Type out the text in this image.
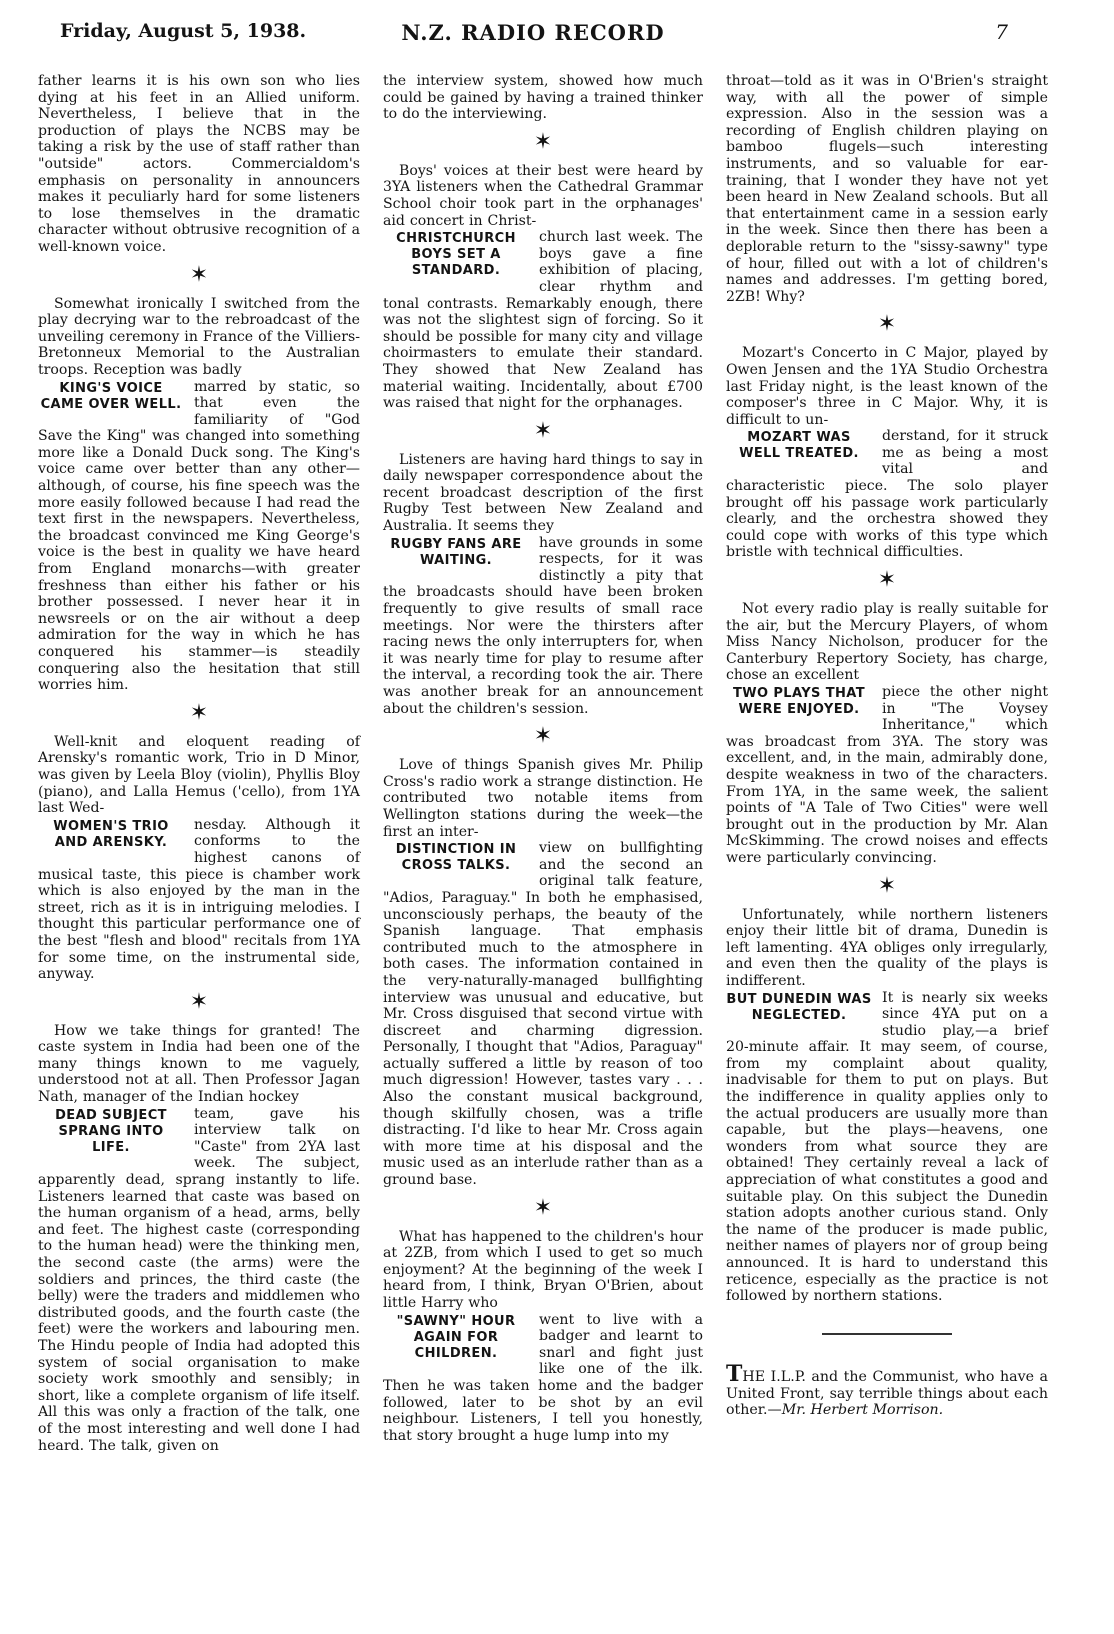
Friday, August 5, 1938.	N.Z. RADIO RECORD	7

father learns it is his own son who lies dying at his feet in an Allied uniform. Nevertheless, I believe that in the production of plays the NCBS may be taking a risk by the use of staff rather than "outside" actors. Commercialdom's emphasis on personality in announcers makes it peculiarly hard for some listeners to lose themselves in the dramatic character without obtrusive recognition of a well-known voice.

✶

Somewhat ironically I switched from the play decrying war to the rebroadcast of the unveiling ceremony in France of the Villiers-Bretonneux Memorial to the Australian troops. Reception was badly

KING'S VOICE CAME OVER WELL.

marred by static, so that even the familiarity of "God Save the King" was changed into something more like a Donald Duck song. The King's voice came over better than any other—although, of course, his fine speech was the more easily followed because I had read the text first in the newspapers. Nevertheless, the broadcast convinced me King George's voice is the best in quality we have heard from England monarchs—with greater freshness than either his father or his brother possessed. I never hear it in newsreels or on the air without a deep admiration for the way in which he has conquered his stammer—is steadily conquering also the hesitation that still worries him.

✶

Well-knit and eloquent reading of Arensky's romantic work, Trio in D Minor, was given by Leela Bloy (violin), Phyllis Bloy (piano), and Lalla Hemus ('cello), from 1YA last Wed-

WOMEN'S TRIO AND ARENSKY.

nesday. Although it conforms to the highest canons of musical taste, this piece is chamber work which is also enjoyed by the man in the street, rich as it is in intriguing melodies. I thought this particular performance one of the best "flesh and blood" recitals from 1YA for some time, on the instrumental side, anyway.

✶

How we take things for granted! The caste system in India had been one of the many things known to me vaguely, understood not at all. Then Professor Jagan Nath, manager of the Indian hockey

DEAD SUBJECT SPRANG INTO LIFE.

team, gave his interview talk on "Caste" from 2YA last week. The subject, apparently dead, sprang instantly to life. Listeners learned that caste was based on the human organism of a head, arms, belly and feet. The highest caste (corresponding to the human head) were the thinking men, the second caste (the arms) were the soldiers and princes, the third caste (the belly) were the traders and middlemen who distributed goods, and the fourth caste (the feet) were the workers and labouring men. The Hindu people of India had adopted this system of social organisation to make society work smoothly and sensibly; in short, like a complete organism of life itself. All this was only a fraction of the talk, one of the most interesting and well done I had heard. The talk, given on

the interview system, showed how much could be gained by having a trained thinker to do the interviewing.

✶

Boys' voices at their best were heard by 3YA listeners when the Cathedral Grammar School choir took part in the orphanages' aid concert in Christ-

CHRISTCHURCH BOYS SET A STANDARD.

church last week. The boys gave a fine exhibition of placing, clear rhythm and tonal contrasts. Remarkably enough, there was not the slightest sign of forcing. So it should be possible for many city and village choirmasters to emulate their standard. They showed that New Zealand has material waiting. Incidentally, about £700 was raised that night for the orphanages.

✶

Listeners are having hard things to say in daily newspaper correspondence about the recent broadcast description of the first Rugby Test between New Zealand and Australia. It seems they

RUGBY FANS ARE WAITING.

have grounds in some respects, for it was distinctly a pity that the broadcasts should have been broken frequently to give results of small race meetings. Nor were the thirsters after racing news the only interrupters for, when it was nearly time for play to resume after the interval, a recording took the air. There was another break for an announcement about the children's session.

✶

Love of things Spanish gives Mr. Philip Cross's radio work a strange distinction. He contributed two notable items from Wellington stations during the week—the first an inter-

DISTINCTION IN CROSS TALKS.

view on bullfighting and the second an original talk feature, "Adios, Paraguay." In both he emphasised, unconsciously perhaps, the beauty of the Spanish language. That emphasis contributed much to the atmosphere in both cases. The information contained in the very-naturally-managed bullfighting interview was unusual and educative, but Mr. Cross disguised that second virtue with discreet and charming digression. Personally, I thought that "Adios, Paraguay" actually suffered a little by reason of too much digression! However, tastes vary . . . Also the constant musical background, though skilfully chosen, was a trifle distracting. I'd like to hear Mr. Cross again with more time at his disposal and the music used as an interlude rather than as a ground base.

✶

What has happened to the children's hour at 2ZB, from which I used to get so much enjoyment? At the beginning of the week I heard from, I think, Bryan O'Brien, about little Harry who

"SAWNY" HOUR AGAIN FOR CHILDREN.

went to live with a badger and learnt to snarl and fight just like one of the ilk. Then he was taken home and the badger followed, later to be shot by an evil neighbour. Listeners, I tell you honestly, that story brought a huge lump into my

throat—told as it was in O'Brien's straight way, with all the power of simple expression. Also in the session was a recording of English children playing on bamboo flugels—such interesting instruments, and so valuable for ear-training, that I wonder they have not yet been heard in New Zealand schools. But all that entertainment came in a session early in the week. Since then there has been a deplorable return to the "sissy-sawny" type of hour, filled out with a lot of children's names and addresses. I'm getting bored, 2ZB! Why?

✶

Mozart's Concerto in C Major, played by Owen Jensen and the 1YA Studio Orchestra last Friday night, is the least known of the composer's three in C Major. Why, it is difficult to un-

MOZART WAS WELL TREATED.

derstand, for it struck me as being a most vital and characteristic piece. The solo player brought off his passage work particularly clearly, and the orchestra showed they could cope with works of this type which bristle with technical difficulties.

✶

Not every radio play is really suitable for the air, but the Mercury Players, of whom Miss Nancy Nicholson, producer for the Canterbury Repertory Society, has charge, chose an excellent

TWO PLAYS THAT WERE ENJOYED.

piece the other night in "The Voysey Inheritance," which was broadcast from 3YA. The story was excellent, and, in the main, admirably done, despite weakness in two of the characters. From 1YA, in the same week, the salient points of "A Tale of Two Cities" were well brought out in the production by Mr. Alan McSkimming. The crowd noises and effects were particularly convincing.

✶

Unfortunately, while northern listeners enjoy their little bit of drama, Dunedin is left lamenting. 4YA obliges only irregularly, and even then the quality of the plays is indifferent.

BUT DUNEDIN WAS NEGLECTED.

It is nearly six weeks since 4YA put on a studio play,—a brief 20-minute affair. It may seem, of course, from my complaint about quality, inadvisable for them to put on plays. But the indifference in quality applies only to the actual producers are usually more than capable, but the plays—heavens, one wonders from what source they are obtained! They certainly reveal a lack of appreciation of what constitutes a good and suitable play. On this subject the Dunedin station adopts another curious stand. Only the name of the producer is made public, neither names of players nor of group being announced. It is hard to understand this reticence, especially as the practice is not followed by northern stations.

THE I.L.P. and the Communist, who have a United Front, say terrible things about each other.—Mr. Herbert Morrison.
